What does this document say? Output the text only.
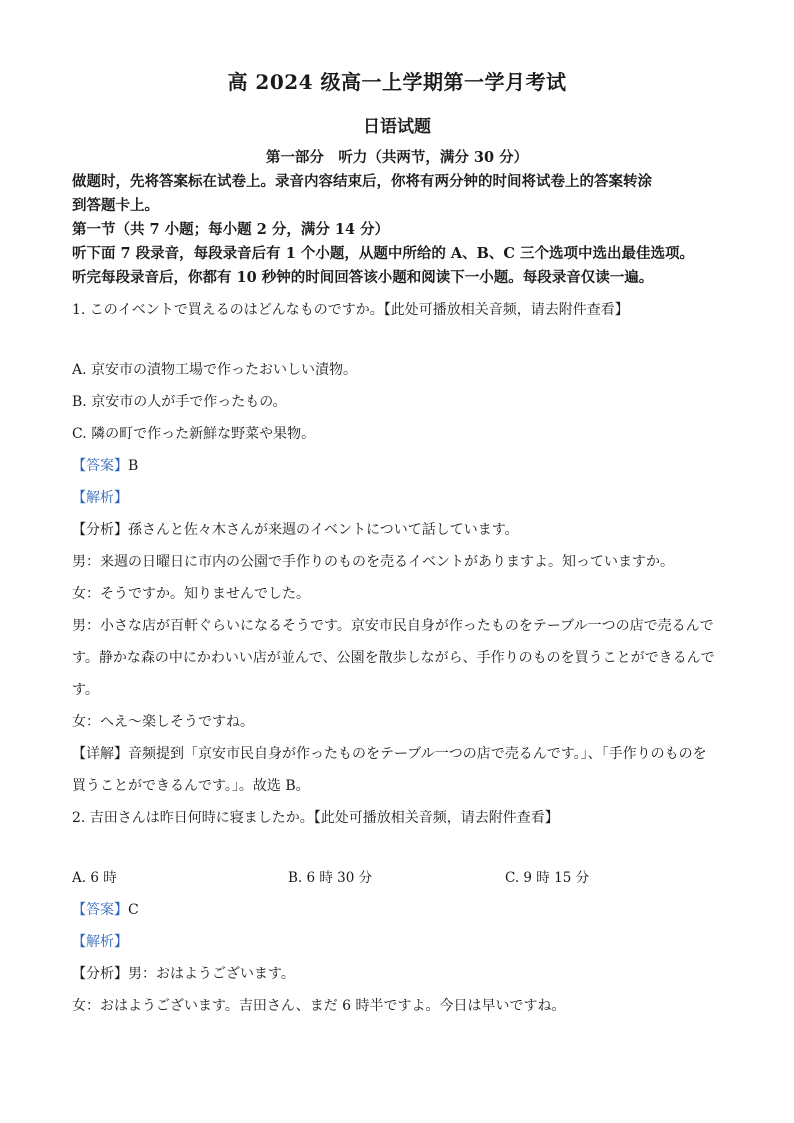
高 2024 级高一上学期第一学月考试
日语试题
第一部分　听力（共两节，满分 30 分）
做题时，先将答案标在试卷上。录音内容结束后，你将有两分钟的时间将试卷上的答案转涂
到答题卡上。
第一节（共 7 小题；每小题 2 分，满分 14 分）
听下面 7 段录音，每段录音后有 1 个小题，从题中所给的 A、B、C 三个选项中选出最佳选项。
听完每段录音后，你都有 10 秒钟的时间回答该小题和阅读下一小题。每段录音仅读一遍。
1. このイベントで買えるのはどんなものですか。【此处可播放相关音频，请去附件查看】
A. 京安市の漬物工場で作ったおいしい漬物。
B. 京安市の人が手で作ったもの。
C. 隣の町で作った新鮮な野菜や果物。
【答案】B
【解析】
【分析】孫さんと佐々木さんが来週のイベントについて話しています。
男：来週の日曜日に市内の公園で手作りのものを売るイベントがありますよ。知っていますか。
女：そうですか。知りませんでした。
男：小さな店が百軒ぐらいになるそうです。京安市民自身が作ったものをテーブル一つの店で売るんで
す。静かな森の中にかわいい店が並んで、公園を散歩しながら、手作りのものを買うことができるんで
す。
女：へえ～楽しそうですね。
【详解】音频提到「京安市民自身が作ったものをテーブル一つの店で売るんです。」、「手作りのものを
買うことができるんです。」。故选 B。
2. 吉田さんは昨日何時に寝ましたか。【此处可播放相关音频，请去附件查看】
A. 6 時	B. 6 時 30 分	C. 9 時 15 分
【答案】C
【解析】
【分析】男：おはようございます。
女：おはようございます。吉田さん、まだ 6 時半ですよ。今日は早いですね。
